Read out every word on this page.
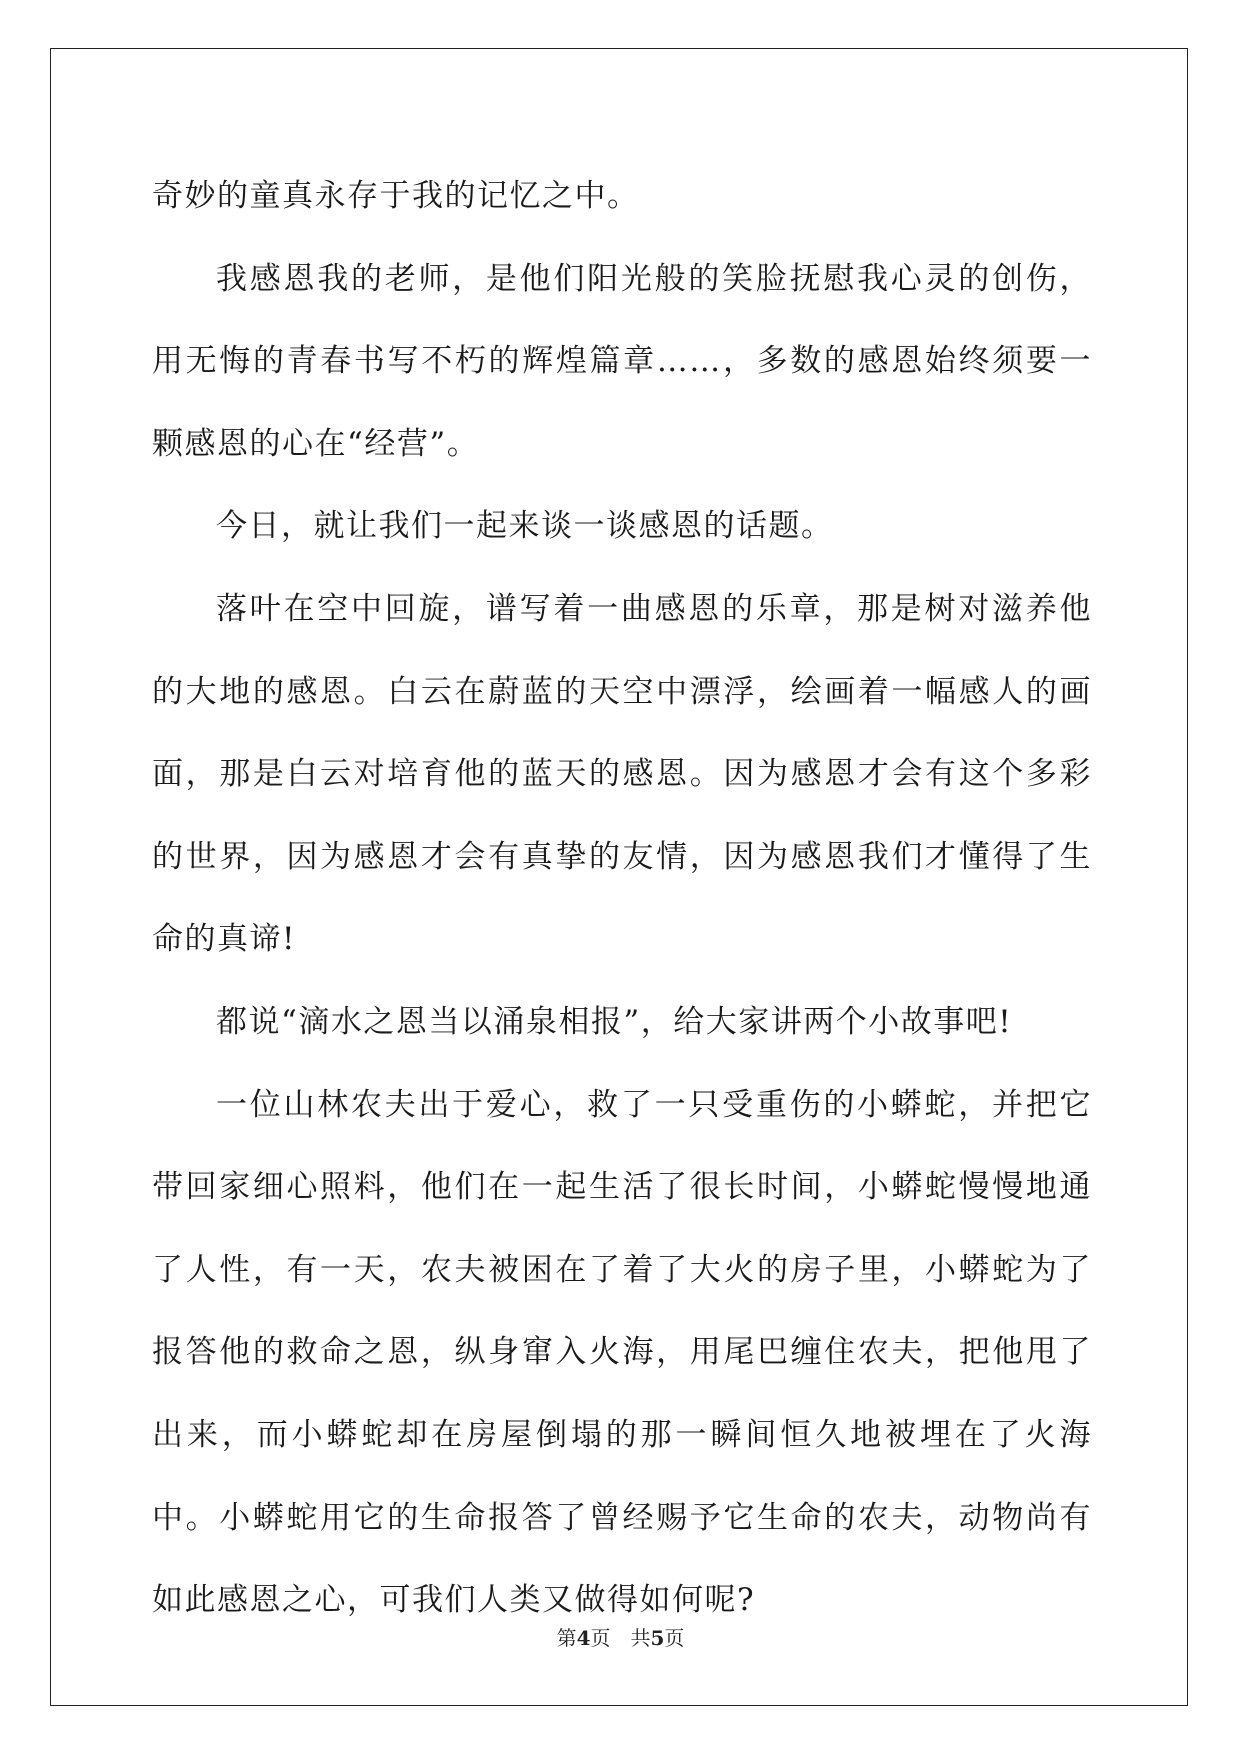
奇妙的童真永存于我的记忆之中。

我感恩我的老师，是他们阳光般的笑脸抚慰我心灵的创伤，用无悔的青春书写不朽的辉煌篇章……，多数的感恩始终须要一颗感恩的心在“经营”。

今日，就让我们一起来谈一谈感恩的话题。

落叶在空中回旋，谱写着一曲感恩的乐章，那是树对滋养他的大地的感恩。白云在蔚蓝的天空中漂浮，绘画着一幅感人的画面，那是白云对培育他的蓝天的感恩。因为感恩才会有这个多彩的世界，因为感恩才会有真挚的友情，因为感恩我们才懂得了生命的真谛!

都说“滴水之恩当以涌泉相报”，给大家讲两个小故事吧!

一位山林农夫出于爱心，救了一只受重伤的小蟒蛇，并把它带回家细心照料，他们在一起生活了很长时间，小蟒蛇慢慢地通了人性，有一天，农夫被困在了着了大火的房子里，小蟒蛇为了报答他的救命之恩，纵身窜入火海，用尾巴缠住农夫，把他甩了出来，而小蟒蛇却在房屋倒塌的那一瞬间恒久地被埋在了火海中。小蟒蛇用它的生命报答了曾经赐予它生命的农夫，动物尚有如此感恩之心，可我们人类又做得如何呢?

第4页 共5页
